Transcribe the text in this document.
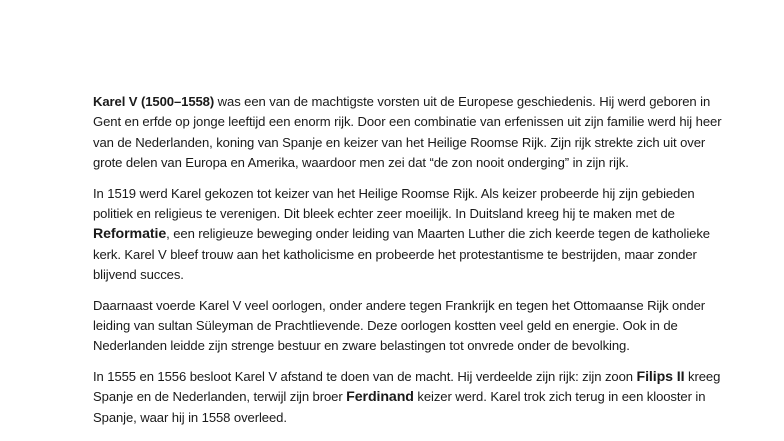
Karel V (1500–1558) was een van de machtigste vorsten uit de Europese geschiedenis. Hij werd geboren in Gent en erfde op jonge leeftijd een enorm rijk. Door een combinatie van erfenissen uit zijn familie werd hij heer van de Nederlanden, koning van Spanje en keizer van het Heilige Roomse Rijk. Zijn rijk strekte zich uit over grote delen van Europa en Amerika, waardoor men zei dat “de zon nooit onderging” in zijn rijk.

In 1519 werd Karel gekozen tot keizer van het Heilige Roomse Rijk. Als keizer probeerde hij zijn gebieden politiek en religieus te verenigen. Dit bleek echter zeer moeilijk. In Duitsland kreeg hij te maken met de Reformatie, een religieuze beweging onder leiding van Maarten Luther die zich keerde tegen de katholieke kerk. Karel V bleef trouw aan het katholicisme en probeerde het protestantisme te bestrijden, maar zonder blijvend succes.

Daarnaast voerde Karel V veel oorlogen, onder andere tegen Frankrijk en tegen het Ottomaanse Rijk onder leiding van sultan Süleyman de Prachtlievende. Deze oorlogen kostten veel geld en energie. Ook in de Nederlanden leidde zijn strenge bestuur en zware belastingen tot onvrede onder de bevolking.

In 1555 en 1556 besloot Karel V afstand te doen van de macht. Hij verdeelde zijn rijk: zijn zoon Filips II kreeg Spanje en de Nederlanden, terwijl zijn broer Ferdinand keizer werd. Karel trok zich terug in een klooster in Spanje, waar hij in 1558 overleed.
